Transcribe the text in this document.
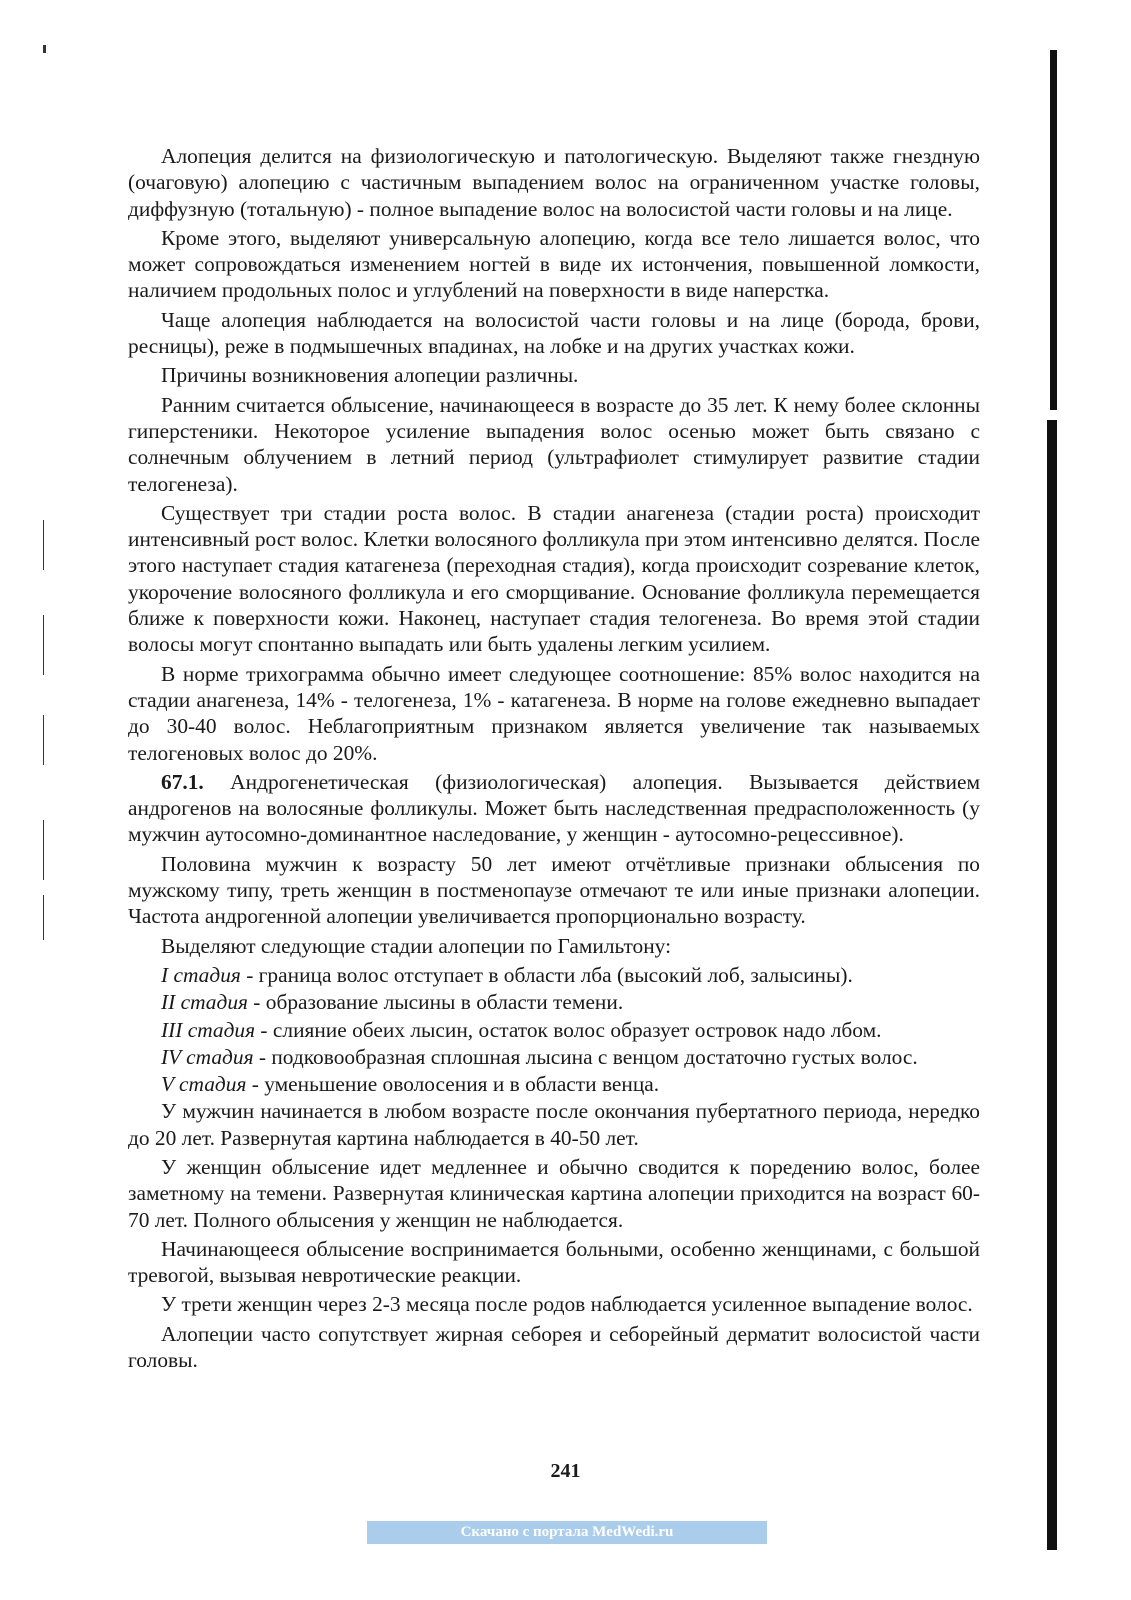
Алопеция делится на физиологическую и патологическую. Выделяют также гнездную (очаговую) алопецию с частичным выпадением волос на ограниченном участке головы, диффузную (тотальную) - полное выпадение волос на волосистой части головы и на лице.

Кроме этого, выделяют универсальную алопецию, когда все тело лишается волос, что может сопровождаться изменением ногтей в виде их истончения, повышенной ломкости, наличием продольных полос и углублений на поверхности в виде наперстка.

Чаще алопеция наблюдается на волосистой части головы и на лице (борода, брови, ресницы), реже в подмышечных впадинах, на лобке и на других участках кожи.

Причины возникновения алопеции различны.

Ранним считается облысение, начинающееся в возрасте до 35 лет. К нему более склонны гиперстеники. Некоторое усиление выпадения волос осенью может быть связано с солнечным облучением в летний период (ультрафиолет стимулирует развитие стадии телогенеза).

Существует три стадии роста волос. В стадии анагенеза (стадии роста) происходит интенсивный рост волос. Клетки волосяного фолликула при этом интенсивно делятся. После этого наступает стадия катагенеза (переходная стадия), когда происходит созревание клеток, укорочение волосяного фолликула и его сморщивание. Основание фолликула перемещается ближе к поверхности кожи. Наконец, наступает стадия телогенеза. Во время этой стадии волосы могут спонтанно выпадать или быть удалены легким усилием.

В норме трихограмма обычно имеет следующее соотношение: 85% волос находится на стадии анагенеза, 14% - телогенеза, 1% - катагенеза. В норме на голове ежедневно выпадает до 30-40 волос. Неблагоприятным признаком является увеличение так называемых телогеновых волос до 20%.

67.1. Андрогенетическая (физиологическая) алопеция. Вызывается действием андрогенов на волосяные фолликулы. Может быть наследственная предрасположенность (у мужчин аутосомно-доминантное наследование, у женщин - аутосомно-рецессивное).

Половина мужчин к возрасту 50 лет имеют отчётливые признаки облысения по мужскому типу, треть женщин в постменопаузе отмечают те или иные признаки алопеции. Частота андрогенной алопеции увеличивается пропорционально возрасту.

Выделяют следующие стадии алопеции по Гамильтону:

I стадия - граница волос отступает в области лба (высокий лоб, залысины).

II стадия - образование лысины в области темени.

III стадия - слияние обеих лысин, остаток волос образует островок надо лбом.

IV стадия - подковообразная сплошная лысина с венцом достаточно густых волос.

V стадия - уменьшение оволосения и в области венца.

У мужчин начинается в любом возрасте после окончания пубертатного периода, нередко до 20 лет. Развернутая картина наблюдается в 40-50 лет.

У женщин облысение идет медленнее и обычно сводится к поредению волос, более заметному на темени. Развернутая клиническая картина алопеции приходится на возраст 60-70 лет. Полного облысения у женщин не наблюдается.

Начинающееся облысение воспринимается больными, особенно женщинами, с большой тревогой, вызывая невротические реакции.

У трети женщин через 2-3 месяца после родов наблюдается усиленное выпадение волос.

Алопеции часто сопутствует жирная себорея и себорейный дерматит волосистой части головы.

241
Скачано с портала MedWedi.ru
